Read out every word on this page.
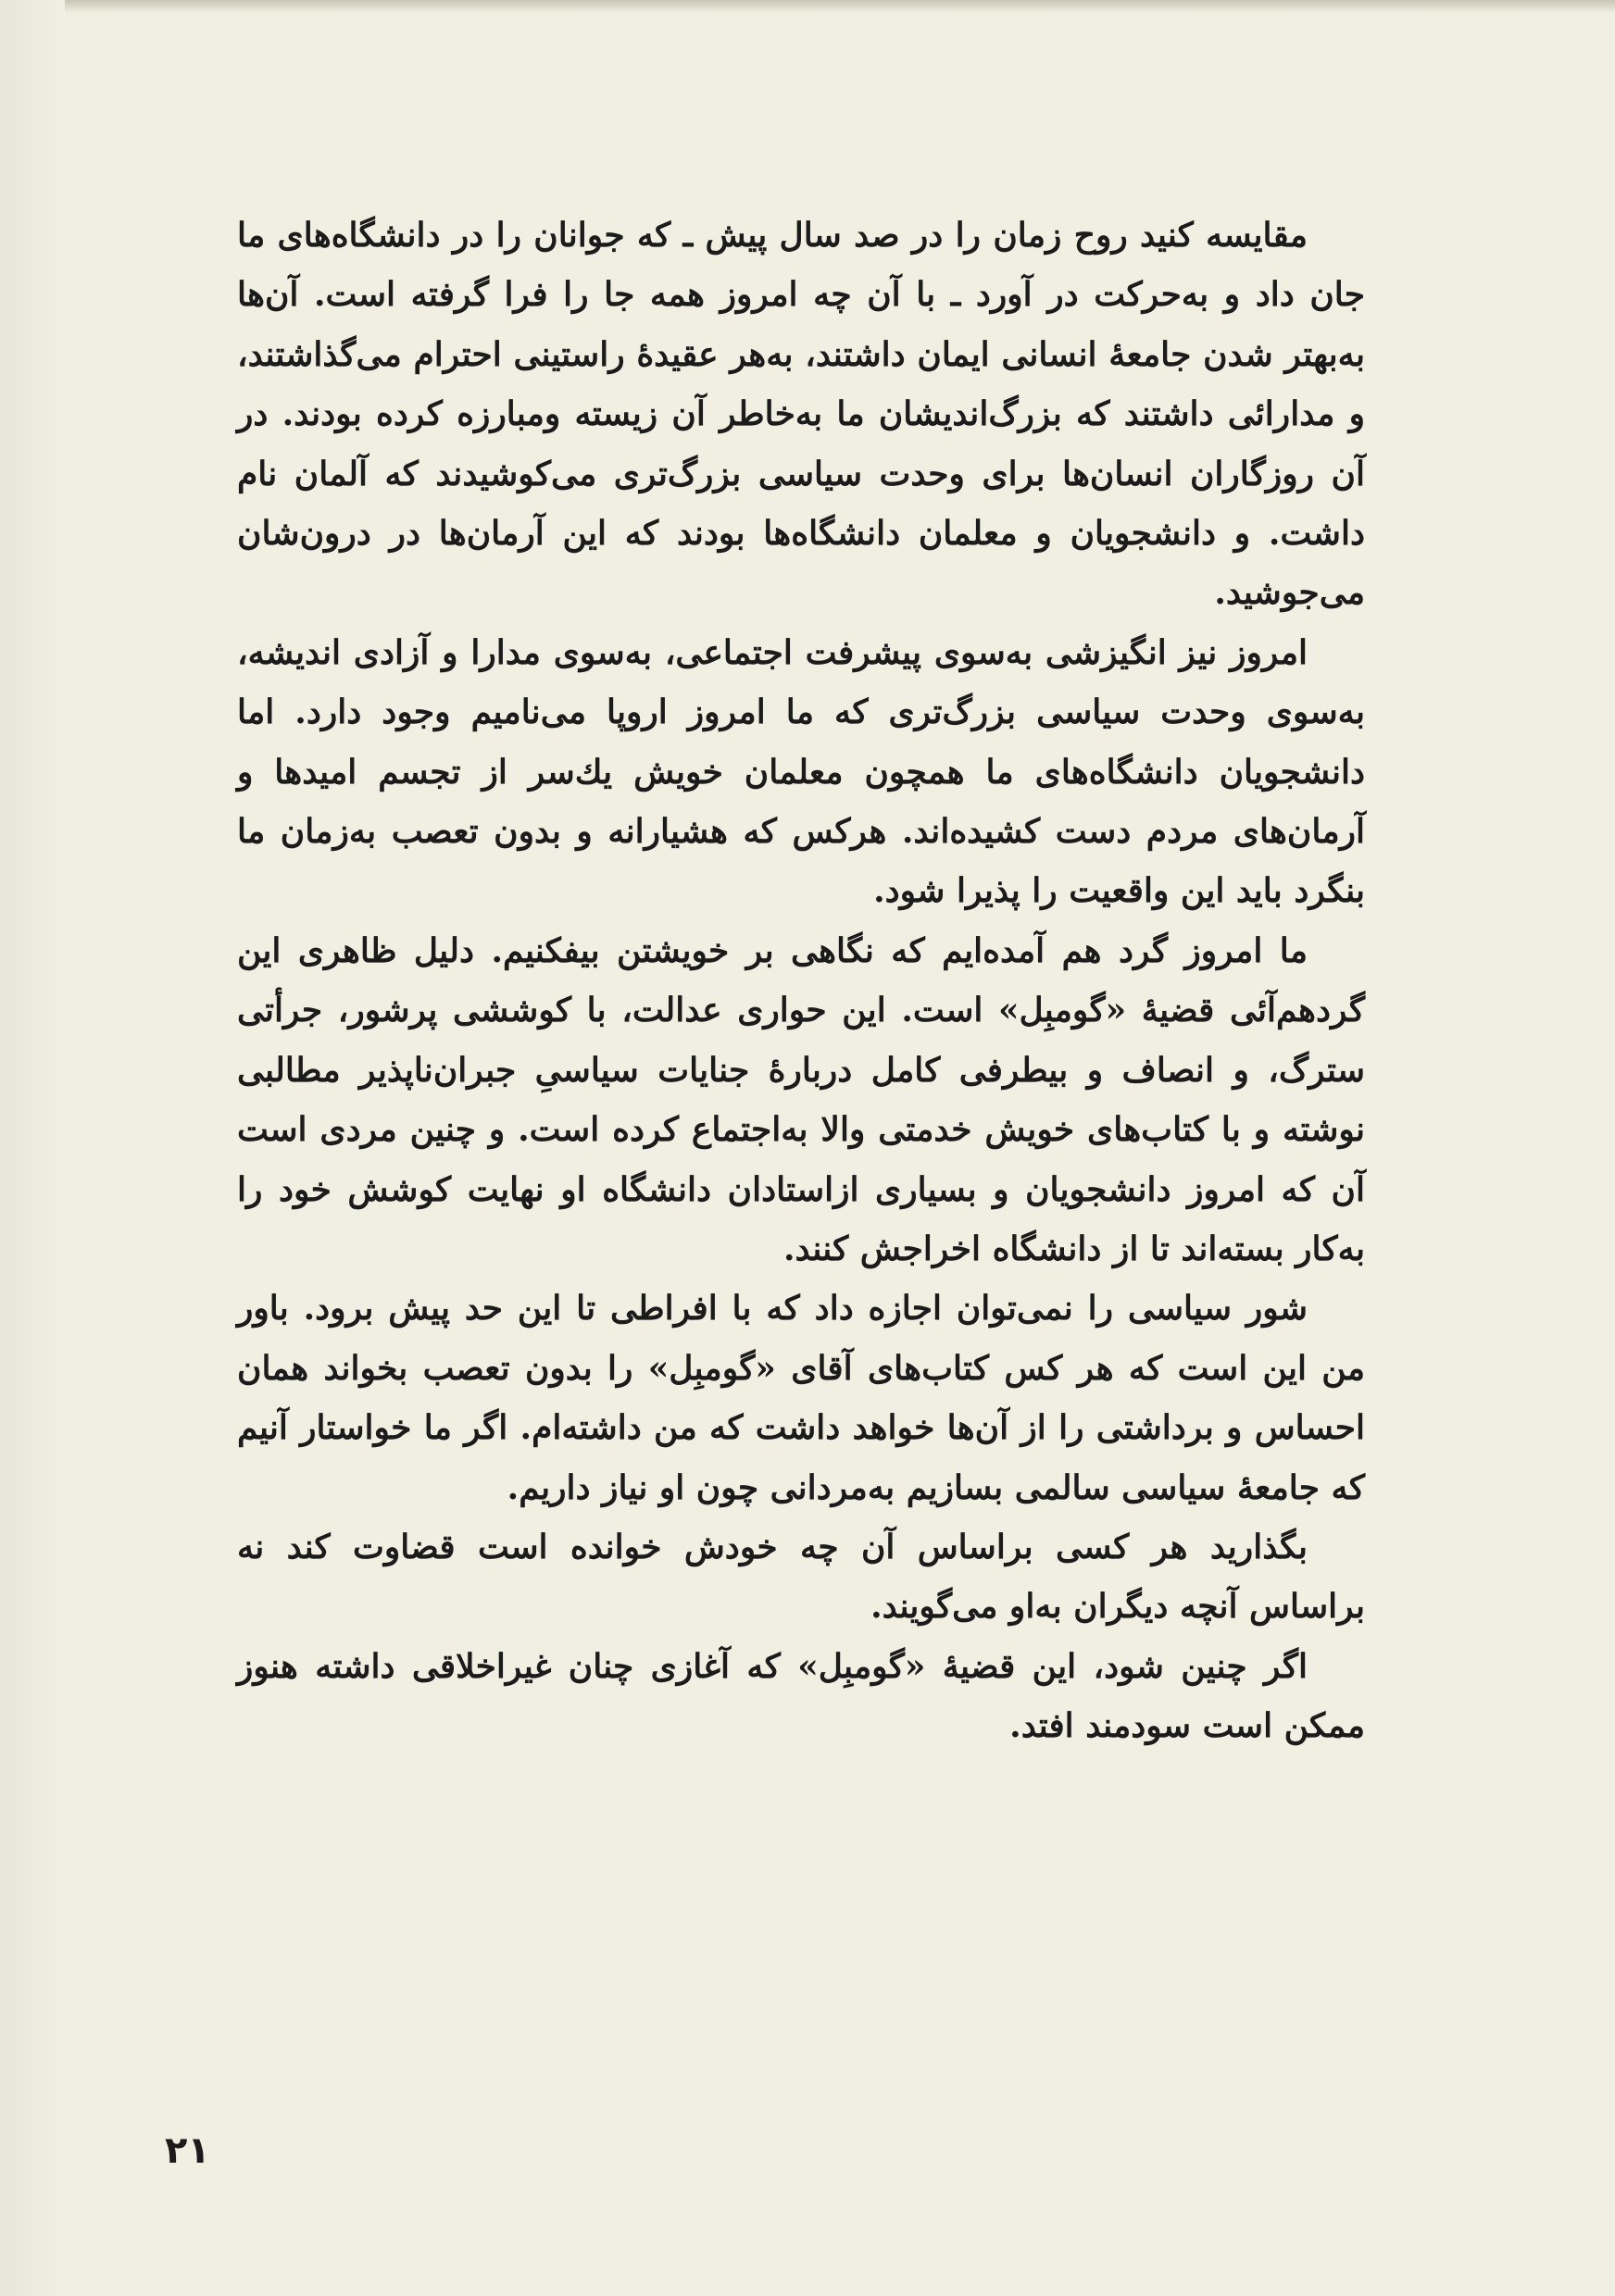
مقایسه کنید روح زمان را در صد سال پیش ـ که جوانان را در دانشگاه‌های ما جان داد و به‌حرکت در آورد ـ با آن چه امروز همه جا را فرا گرفته است. آن‌ها به‌بهتر شدن جامعهٔ انسانی ایمان داشتند، به‌هر عقیدهٔ راستینی احترام می‌گذاشتند، و مدارائی داشتند که بزرگ‌اندیشان ما به‌خاطر آن زیسته ومبارزه کرده بودند. در آن روزگاران انسان‌ها برای وحدت سیاسی بزرگ‌تری می‌کوشیدند که آلمان نام داشت. و دانشجویان و معلمان دانشگاه‌ها بودند که این آرمان‌ها در درون‌شان می‌جوشید.

امروز نیز انگیزشی به‌سوی پیشرفت اجتماعی، به‌سوی مدارا و آزادی اندیشه، به‌سوی وحدت سیاسی بزرگ‌تری که ما امروز اروپا می‌نامیم وجود دارد. اما دانشجویان دانشگاه‌های ما همچون معلمان خویش یك‌سر از تجسم امیدها و آرمان‌های مردم دست کشیده‌اند. هرکس که هشیارانه و بدون تعصب به‌زمان ما بنگرد باید این واقعیت را پذیرا شود.

ما امروز گرد هم آمده‌ایم که نگاهی بر خویشتن بیفکنیم. دلیل ظاهری این گردهم‌آئی قضیهٔ «گومبِل» است. این حواری عدالت، با کوششی پرشور، جرأتی سترگ، و انصاف و بیطرفی کامل دربارهٔ جنایات سیاسیِ جبران‌ناپذیر مطالبی نوشته و با کتاب‌های خویش خدمتی والا به‌اجتماع کرده است. و چنین مردی است آن که امروز دانشجویان و بسیاری ازاستادان دانشگاه او نهایت کوشش خود را به‌کار بسته‌اند تا از دانشگاه اخراجش کنند.

شور سیاسی را نمی‌توان اجازه داد که با افراطی تا این حد پیش برود. باور من این است که هر کس کتاب‌های آقای «گومبِل» را بدون تعصب بخواند همان احساس و برداشتی را از آن‌ها خواهد داشت که من داشته‌ام. اگر ما خواستار آنیم که جامعهٔ سیاسی سالمی بسازیم به‌مردانی چون او نیاز داریم.

بگذارید هر کسی براساس آن چه خودش خوانده است قضاوت کند نه براساس آنچه دیگران به‌او می‌گویند.

اگر چنین شود، این قضیهٔ «گومبِل» که آغازی چنان غیراخلاقی داشته هنوز ممکن است سودمند افتد.

۲۱
